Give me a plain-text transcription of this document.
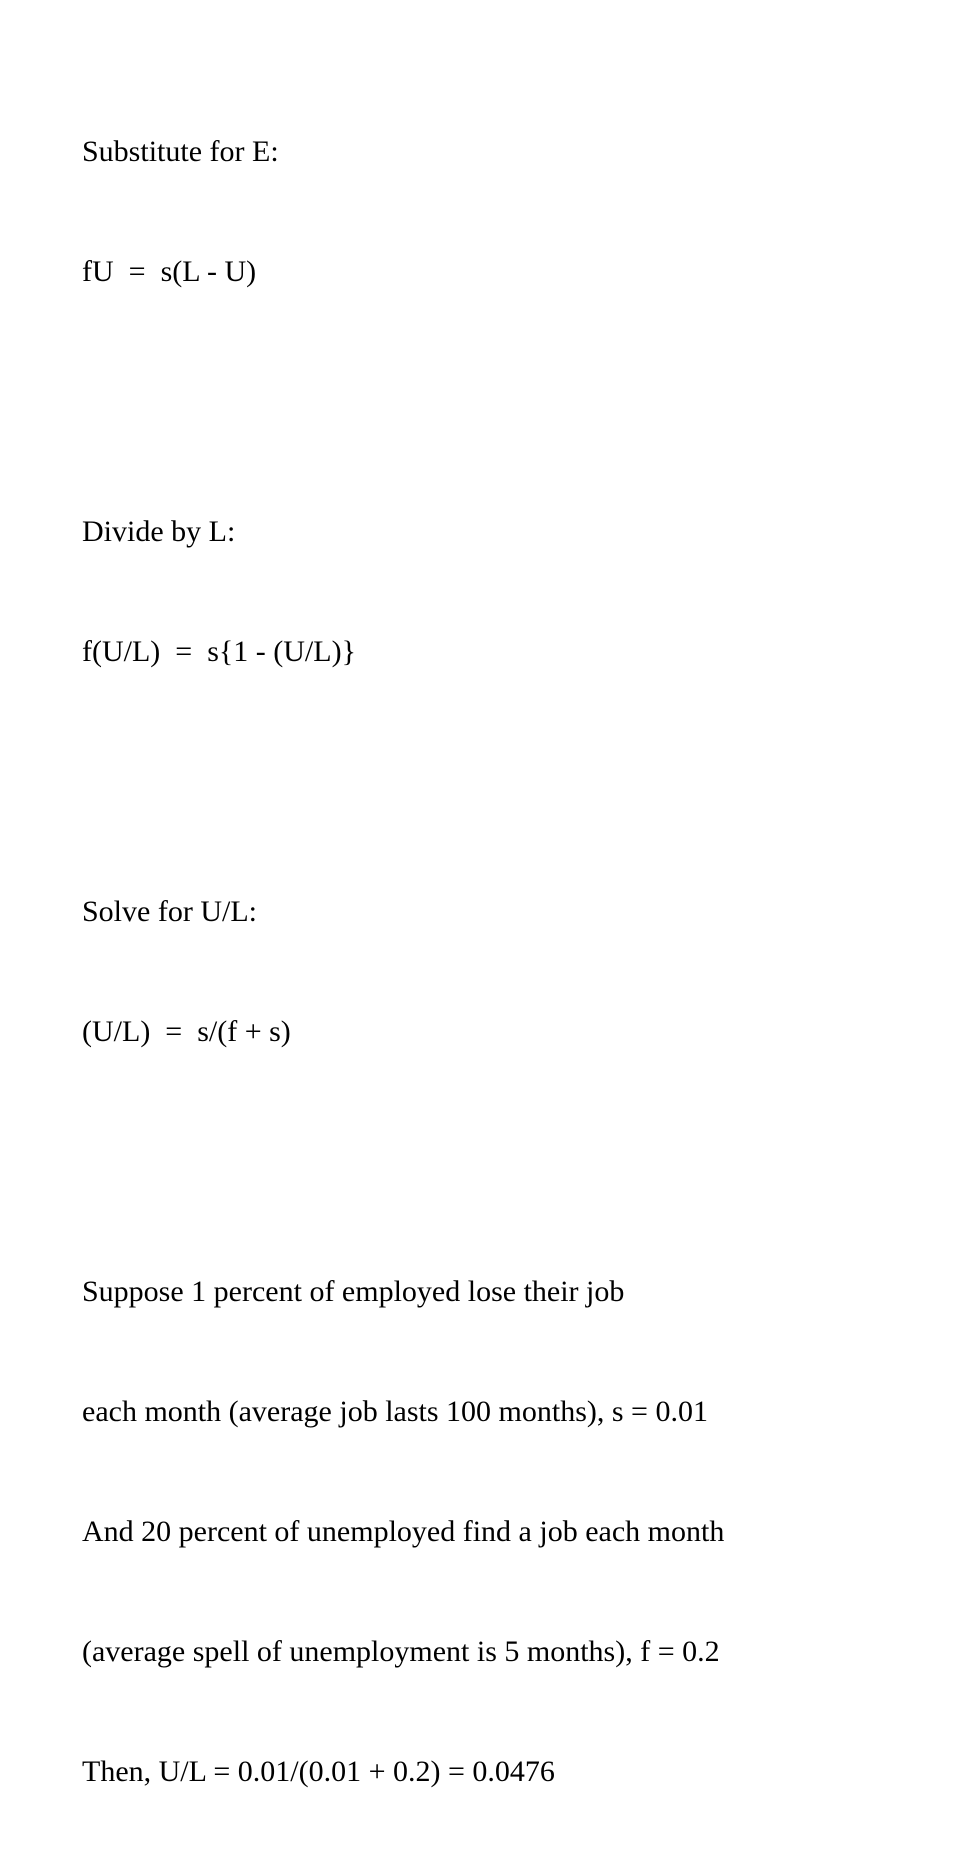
Substitute for E:

fU  =  s(L - U)

Divide by L:

f(U/L)  =  s{1 - (U/L)}

Solve for U/L:

(U/L)  =  s/(f + s)

Suppose 1 percent of employed lose their job

each month (average job lasts 100 months), s = 0.01

And 20 percent of unemployed find a job each month

(average spell of unemployment is 5 months), f = 0.2

Then, U/L = 0.01/(0.01 + 0.2) = 0.0476
